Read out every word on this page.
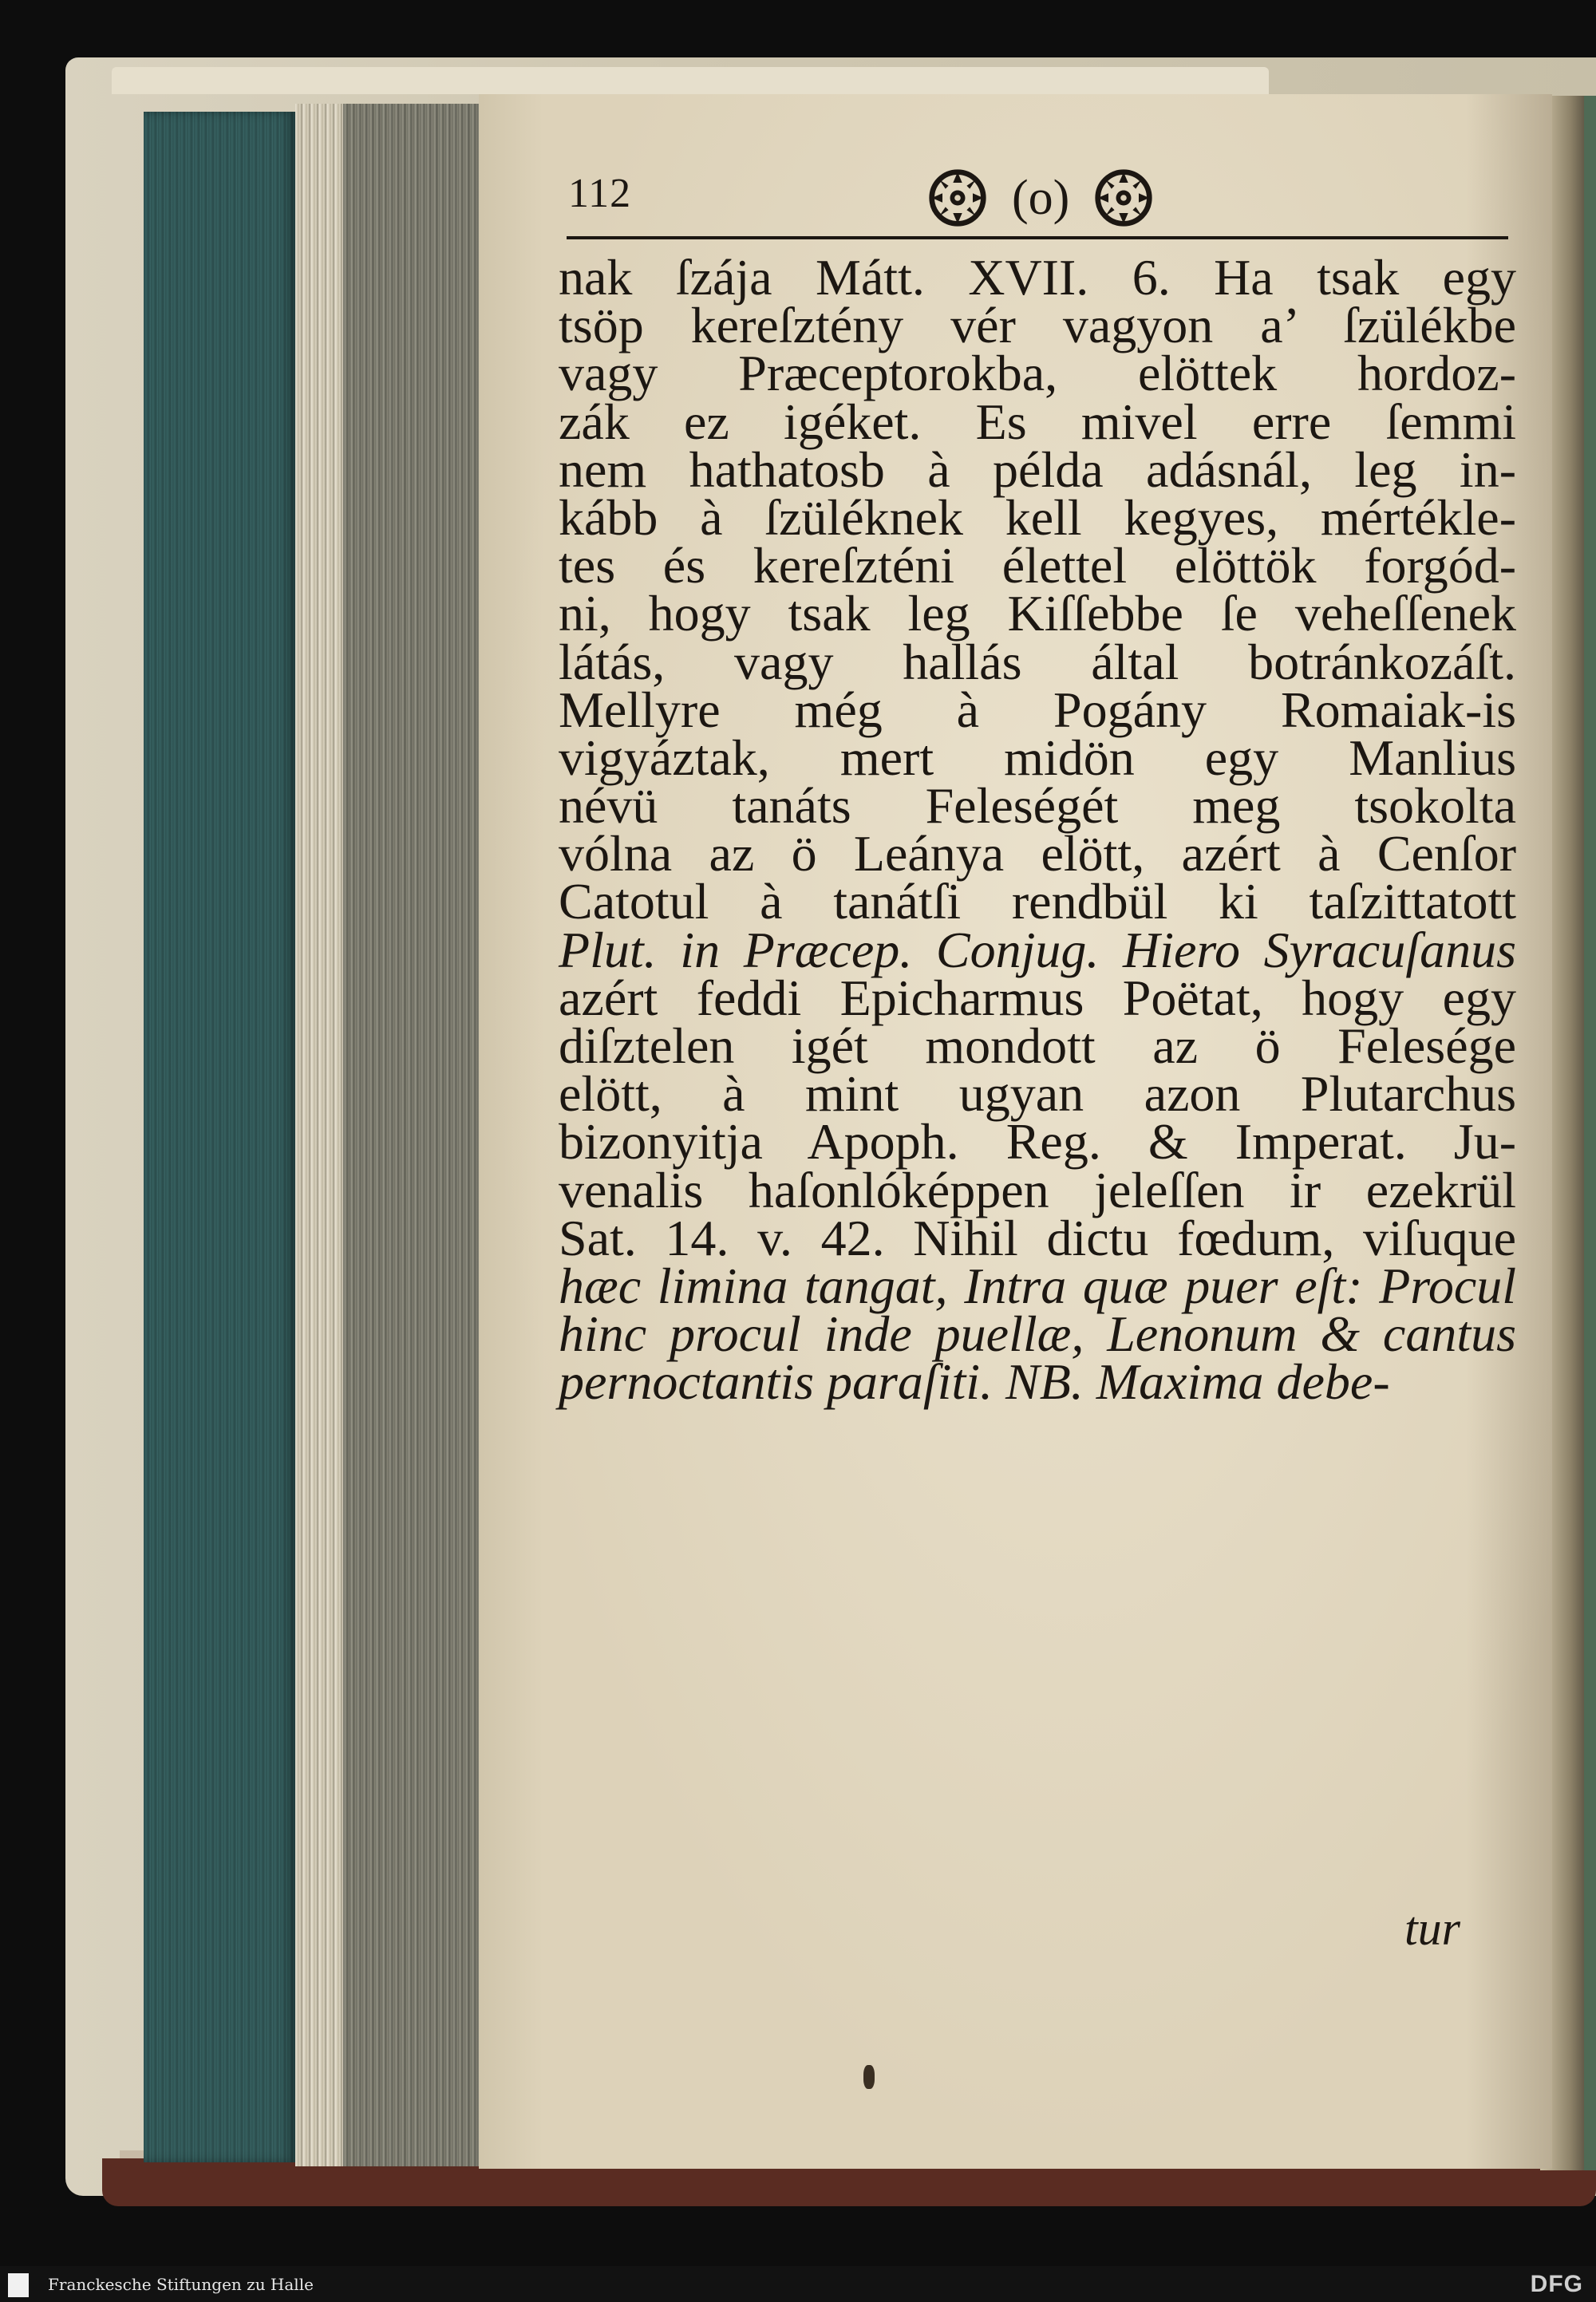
112	(o)
nak ſzája Mátt. XVII. 6. Ha tsak egy
tsöp kereſztény vér vagyon a’ ſzülékbe
vagy Præceptorokba, elöttek hordoz-
zák ez igéket. Es mivel erre ſemmi
nem hathatosb à példa adásnál, leg in-
kább à ſzüléknek kell kegyes, mértékle-
tes és kereſzténi élettel elöttök forgód-
ni, hogy tsak leg Kiſſebbe ſe veheſſenek
látás, vagy hallás által botránkozáſt.
Mellyre még à Pogány Romaiak-is
vigyáztak, mert midön egy Manlius
névü tanáts Feleségét meg tsokolta
vólna az ö Leánya elött, azért à Cenſor
Catotul à tanátſi rendbül ki taſzittatott
Plut. in Præcep. Conjug. Hiero Syracuſanus
azért feddi Epicharmus Poëtat, hogy egy
diſztelen igét mondott az ö Felesége
elött, à mint ugyan azon Plutarchus
bizonyitja Apoph. Reg. & Imperat. Ju-
venalis haſonlóképpen jeleſſen ir ezekrül
Sat. 14. v. 42. Nihil dictu fœdum, viſuque
hæc limina tangat, Intra quæ puer eſt: Procul
hinc procul inde puellæ, Lenonum & cantus
pernoctantis paraſiti. NB. Maxima debe-
tur
Franckesche Stiftungen zu Halle	DFG
